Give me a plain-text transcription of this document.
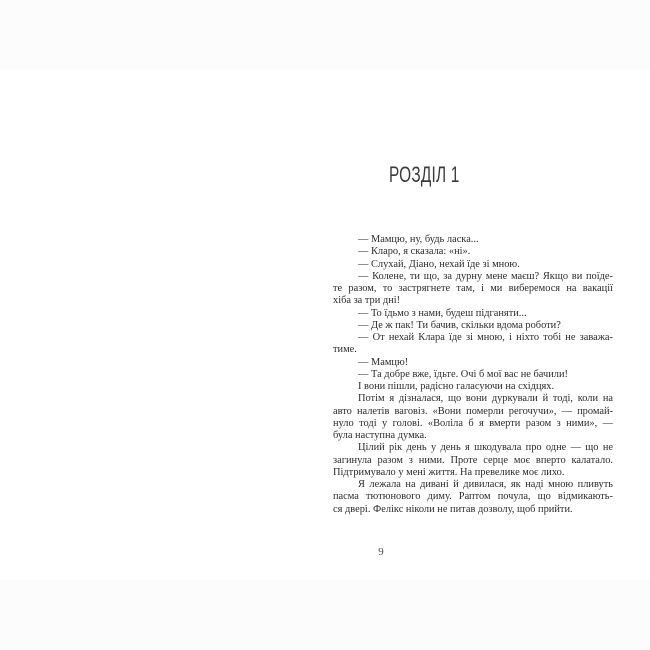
РОЗДІЛ 1
— Мамцю, ну, будь ласка...
— Кларо, я сказала: «ні».
— Слухай, Діано, нехай їде зі мною.
— Колене, ти що, за дурну мене маєш? Якщо ви поїде-
те разом, то застрягнете там, і ми виберемося на вакації
хіба за три дні!
— То їдьмо з нами, будеш підганяти...
— Де ж пак! Ти бачив, скільки вдома роботи?
— От нехай Клара їде зі мною, і ніхто тобі не заважа-
тиме.
— Мамцю!
— Та добре вже, їдьте. Очі б мої вас не бачили!
І вони пішли, радісно галасуючи на східцях.
Потім я дізналася, що вони дуркували й тоді, коли на
авто налетів ваговіз. «Вони померли регочучи», — промай-
нуло тоді у голові. «Воліла б я вмерти разом з ними», —
була наступна думка.
Цілий рік день у день я шкодувала про одне — що не
загинула разом з ними. Проте серце моє вперто калатало.
Підтримувало у мені життя. На превелике моє лихо.
Я лежала на дивані й дивилася, як наді мною пливуть
пасма тютюнового диму. Раптом почула, що відмикають-
ся двері. Фелікс ніколи не питав дозволу, щоб прийти.
9
